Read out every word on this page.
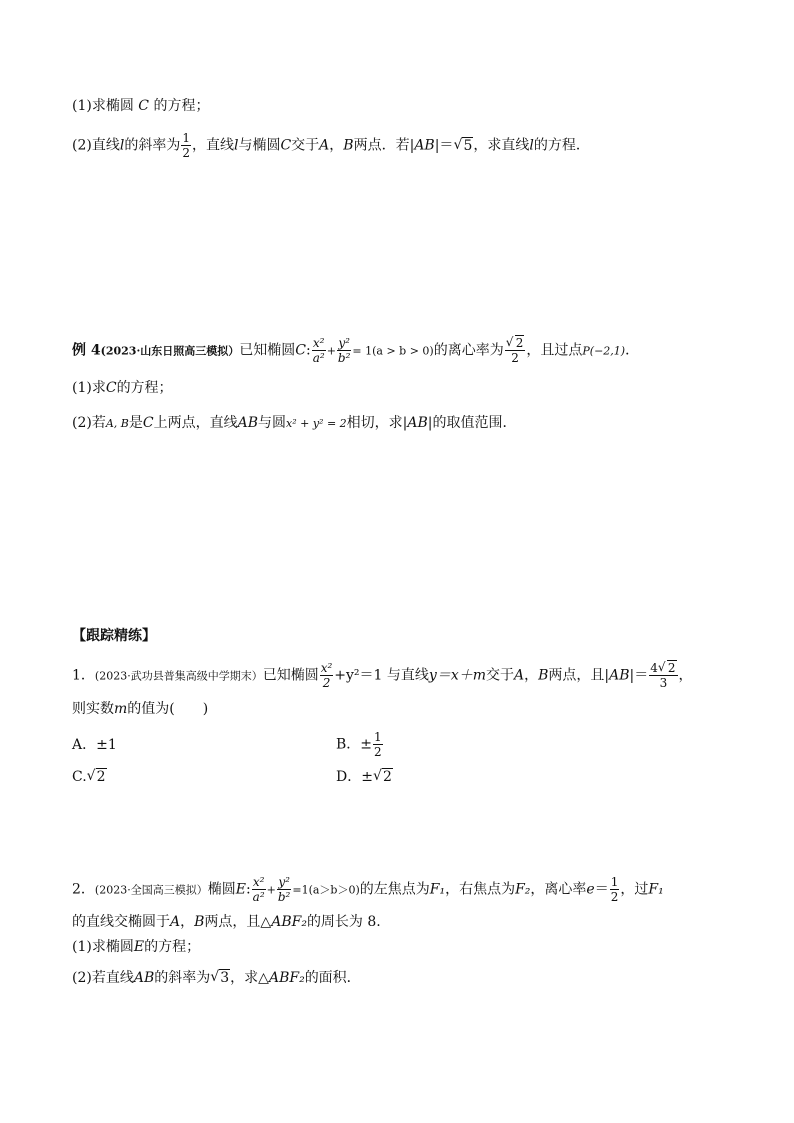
(1)求椭圆 C 的方程；
(2)直线l的斜率为 $\frac{1}{2}$ ，直线l与椭圆C交于A，B两点．若|AB|＝ √ 5，求直线l的方程．
例 4(2023·山东日照高三模拟）已知椭圆C: $\frac{\text{x²}}{\text{a²}} + \frac{\text{y²}}{\text{b²}} = 1(a > b > 0)$的离心率为 √ $\frac{2}{2}$ ，且过点P(−2,1)．
(1)求C的方程；
(2)若A, B是C上两点，直线AB与圆x² + y² = 2相切，求|AB|的取值范围．
【跟踪精练】
1．(2023·武功县普集高级中学期末）已知椭圆 $\frac{\text{x²}}{2} +y^2=1$ 与直线y＝x＋m交于A，B两点，且$|AB|= \frac{4 √ 2}{3}$ ，
则实数m的值为(　　)
A．±1	B．± $\frac{1}{2}$
C. √ 2	D．± √ 2
2．(2023·全国高三模拟）椭圆E: $\frac{\text{x²}}{\text{a²}} + \frac{\text{y²}}{\text{b²}} =1(a>b>0)$的左焦点为F₁，右焦点为F₂，离心率$e= \frac{1}{2}$ ，过F₁
的直线交椭圆于A，B两点，且△ABF₂的周长为 8.
(1)求椭圆E的方程；
(2)若直线AB的斜率为 √ 3，求△ABF₂的面积．
